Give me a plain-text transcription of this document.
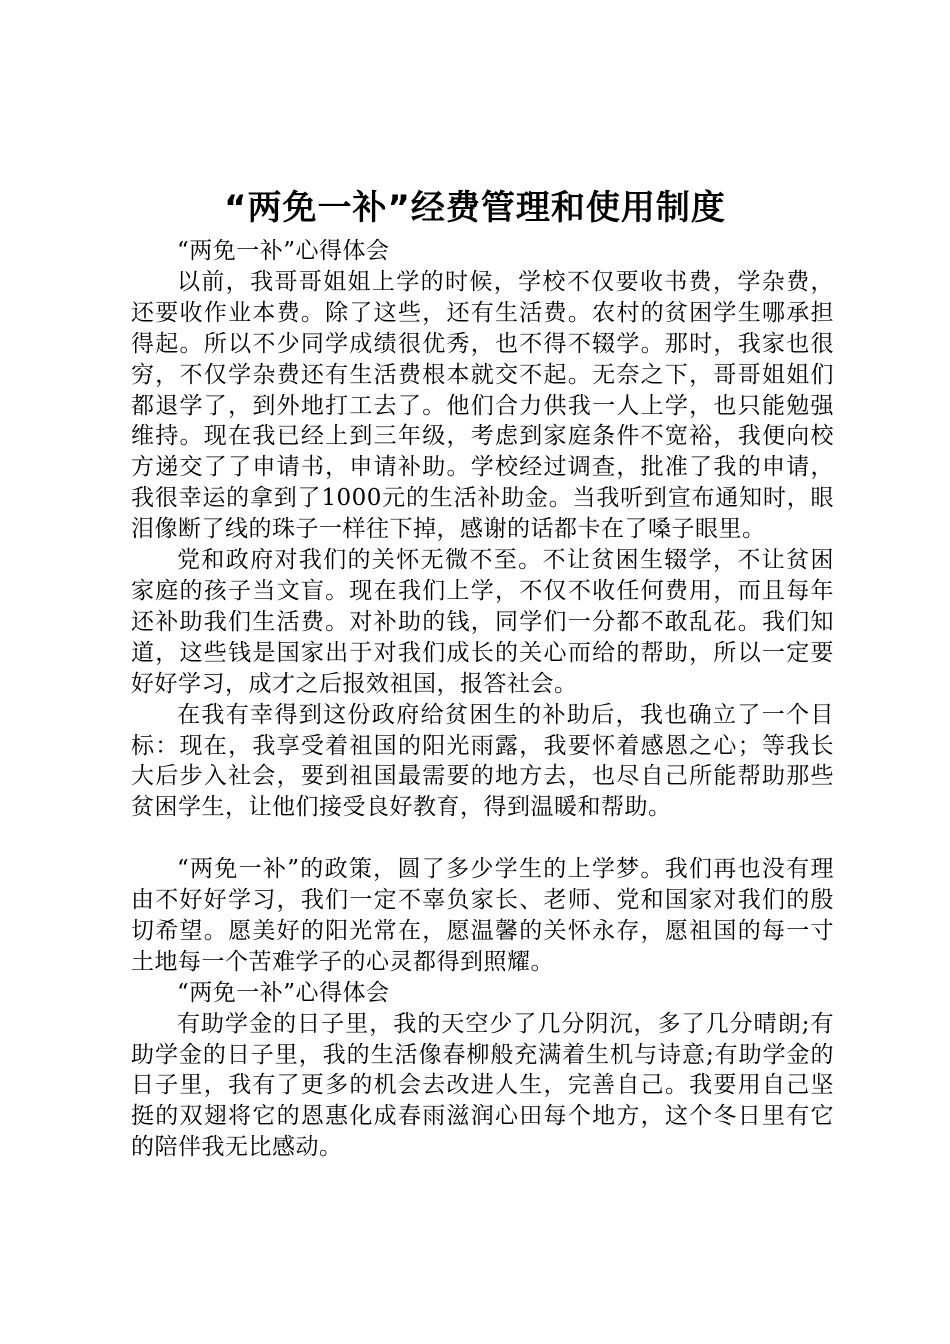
“两免一补”经费管理和使用制度

“两免一补”心得体会

以前，我哥哥姐姐上学的时候，学校不仅要收书费，学杂费，还要收作业本费。除了这些，还有生活费。农村的贫困学生哪承担得起。所以不少同学成绩很优秀，也不得不辍学。那时，我家也很穷，不仅学杂费还有生活费根本就交不起。无奈之下，哥哥姐姐们都退学了，到外地打工去了。他们合力供我一人上学，也只能勉强维持。现在我已经上到三年级，考虑到家庭条件不宽裕，我便向校方递交了了申请书，申请补助。学校经过调查，批准了我的申请，我很幸运的拿到了1000元的生活补助金。当我听到宣布通知时，眼泪像断了线的珠子一样往下掉，感谢的话都卡在了嗓子眼里。

党和政府对我们的关怀无微不至。不让贫困生辍学，不让贫困家庭的孩子当文盲。现在我们上学，不仅不收任何费用，而且每年还补助我们生活费。对补助的钱，同学们一分都不敢乱花。我们知道，这些钱是国家出于对我们成长的关心而给的帮助，所以一定要好好学习，成才之后报效祖国，报答社会。

在我有幸得到这份政府给贫困生的补助后，我也确立了一个目标：现在，我享受着祖国的阳光雨露，我要怀着感恩之心；等我长大后步入社会，要到祖国最需要的地方去，也尽自己所能帮助那些贫困学生，让他们接受良好教育，得到温暖和帮助。

“两免一补”的政策，圆了多少学生的上学梦。我们再也没有理由不好好学习，我们一定不辜负家长、老师、党和国家对我们的殷切希望。愿美好的阳光常在，愿温馨的关怀永存，愿祖国的每一寸土地每一个苦难学子的心灵都得到照耀。

“两免一补”心得体会

有助学金的日子里，我的天空少了几分阴沉，多了几分晴朗;有助学金的日子里，我的生活像春柳般充满着生机与诗意;有助学金的日子里，我有了更多的机会去改进人生，完善自己。我要用自己坚挺的双翅将它的恩惠化成春雨滋润心田每个地方，这个冬日里有它的陪伴我无比感动。
